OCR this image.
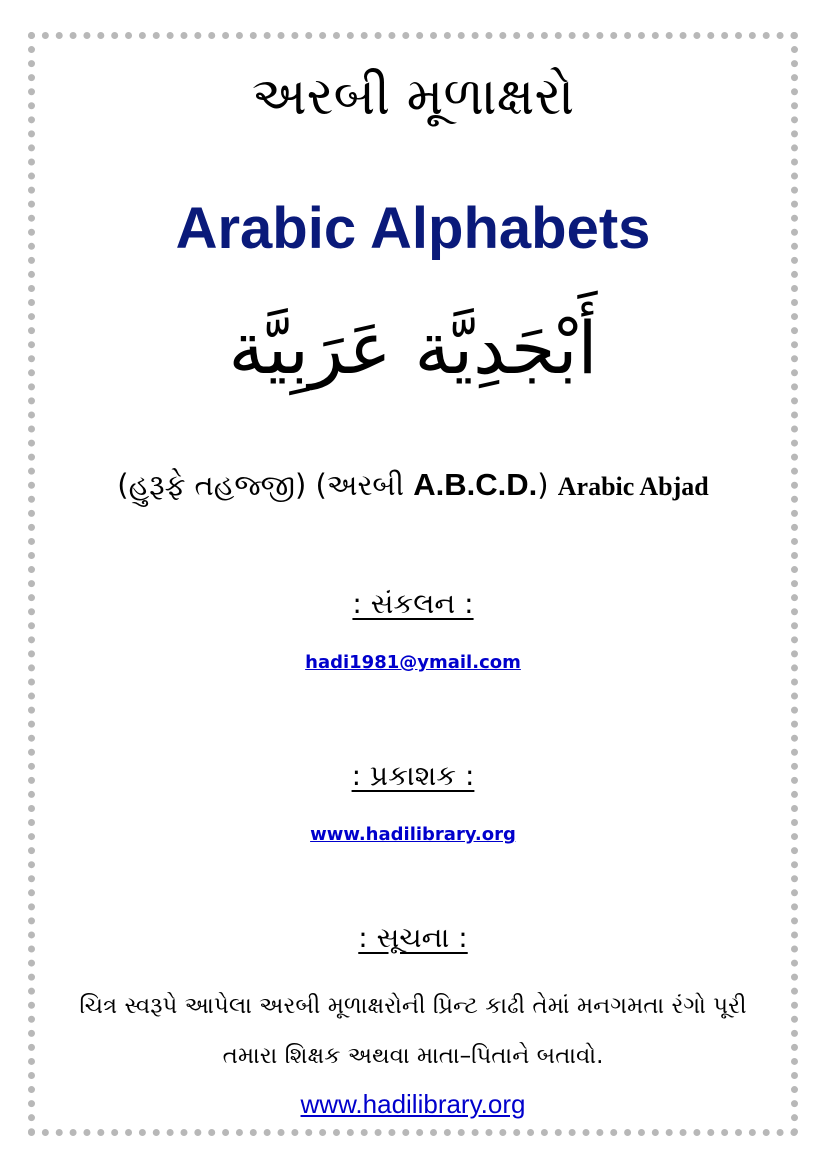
અરબી મૂળાક્ષરો
Arabic Alphabets
أَبْجَدِيَّة عَرَبِيَّة
(હુરૂફે તહજ્જી) (અરબી A.B.C.D.) Arabic Abjad
: સંકલન :
hadi1981@ymail.com
: પ્રકાશક :
www.hadilibrary.org
: સૂચના :
ચિત્ર સ્વરૂપે આપેલા અરબી મૂળાક્ષરોની પ્રિન્ટ કાઢી તેમાં મનગમતા રંગો પૂરી
તમારા શિક્ષક અથવા માતા–પિતાને બતાવો.
www.hadilibrary.org
